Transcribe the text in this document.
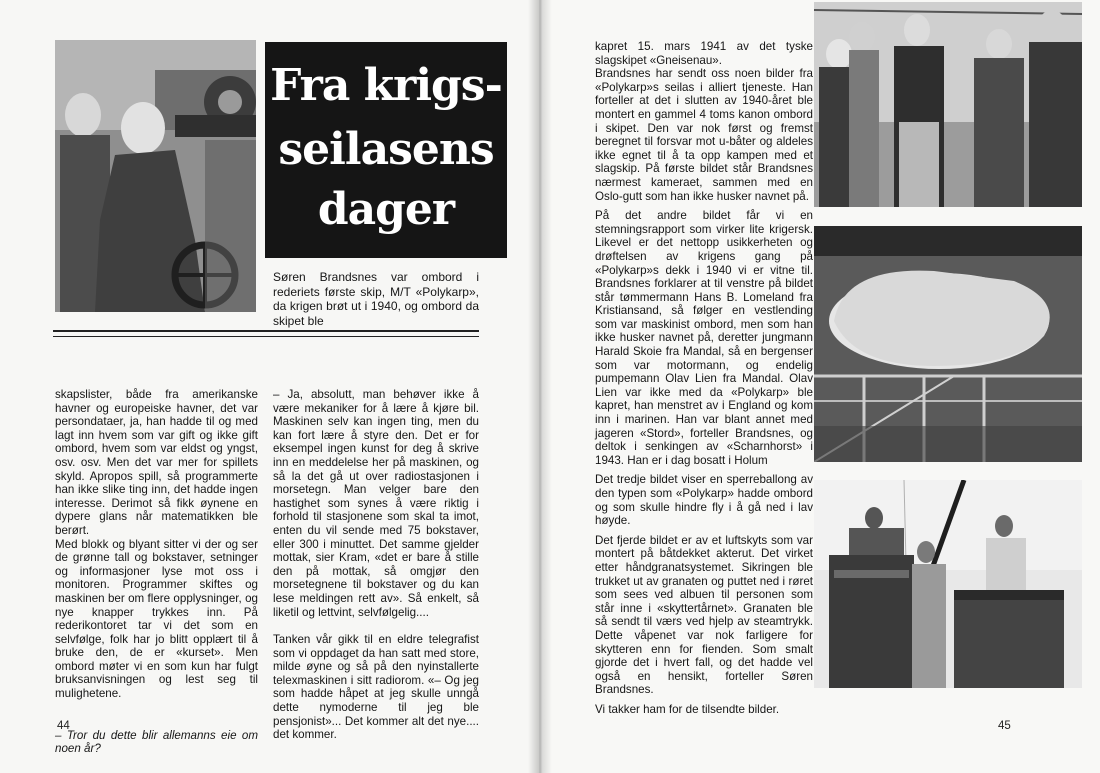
Fra krigs-
seilasens
dager
Søren Brandsnes var ombord i rederiets første skip, M/T «Polykarp», da krigen brøt ut i 1940, og ombord da skipet ble

skapslister, både fra amerikanske havner og europeiske havner, det var persondataer, ja, han hadde til og med lagt inn hvem som var gift og ikke gift ombord, hvem som var eldst og yngst, osv. osv. Men det var mer for spillets skyld. Apropos spill, så programmerte han ikke slike ting inn, det hadde ingen interesse. Derimot så fikk øynene en dypere glans når matematikken ble berørt.

Med blokk og blyant sitter vi der og ser de grønne tall og bokstaver, setninger og informasjoner lyse mot oss i monitoren. Programmer skiftes og maskinen ber om flere opplysninger, og nye knapper trykkes inn. På rederikontoret tar vi det som en selvfølge, folk har jo blitt opplært til å bruke den, de er «kurset». Men ombord møter vi en som kun har fulgt bruksanvisningen og lest seg til mulighetene.

– Tror du dette blir allemanns eie om noen år?

– Ja, absolutt, man behøver ikke å være mekaniker for å lære å kjøre bil. Maskinen selv kan ingen ting, men du kan fort lære å styre den. Det er for eksempel ingen kunst for deg å skrive inn en meddelelse her på maskinen, og så la det gå ut over radiostasjonen i morsetegn. Man velger bare den hastighet som synes å være riktig i forhold til stasjonene som skal ta imot, enten du vil sende med 75 bokstaver, eller 300 i minuttet. Det samme gjelder mottak, sier Kram, «det er bare å stille den på mottak, så omgjør den morsetegnene til bokstaver og du kan lese meldingen rett av». Så enkelt, så liketil og lettvint, selvfølgelig....

Tanken vår gikk til en eldre telegrafist som vi oppdaget da han satt med store, milde øyne og så på den nyinstallerte telexmaskinen i sitt radiorom. «– Og jeg som hadde håpet at jeg skulle unngå dette nymoderne til jeg ble pensjonist»... Det kommer alt det nye.... det kommer.

44

kapret 15. mars 1941 av det tyske slagskipet «Gneisenau».

Brandsnes har sendt oss noen bilder fra «Polykarp»s seilas i alliert tjeneste. Han forteller at det i slutten av 1940-året ble montert en gammel 4 toms kanon ombord i skipet. Den var nok først og fremst beregnet til forsvar mot u-båter og aldeles ikke egnet til å ta opp kampen med et slagskip. På første bildet står Brandsnes nærmest kameraet, sammen med en Oslo-gutt som han ikke husker navnet på.

På det andre bildet får vi en stemningsrapport som virker lite krigersk. Likevel er det nettopp usikkerheten og drøftelsen av krigens gang på «Polykarp»s dekk i 1940 vi er vitne til. Brandsnes forklarer at til venstre på bildet står tømmermann Hans B. Lomeland fra Kristiansand, så følger en vestlending som var maskinist ombord, men som han ikke husker navnet på, deretter jungmann Harald Skoie fra Mandal, så en bergenser som var motormann, og endelig pumpemann Olav Lien fra Mandal. Olav Lien var ikke med da «Polykarp» ble kapret, han menstret av i England og kom inn i marinen. Han var blant annet med jageren «Stord», forteller Brandsnes, og deltok i senkingen av «Scharnhorst» i 1943. Han er i dag bosatt i Holum

Det tredje bildet viser en sperreballong av den typen som «Polykarp» hadde ombord og som skulle hindre fly i å gå ned i lav høyde.

Det fjerde bildet er av et luftskyts som var montert på båtdekket akterut. Det virket etter håndgranatsystemet. Sikringen ble trukket ut av granaten og puttet ned i røret som sees ved albuen til personen som står inne i «skyttertårnet». Granaten ble så sendt til værs ved hjelp av steamtrykk. Dette våpenet var nok farligere for skytteren enn for fienden. Som smalt gjorde det i hvert fall, og det hadde vel også en hensikt, forteller Søren Brandsnes.

Vi takker ham for de tilsendte bilder.

45
